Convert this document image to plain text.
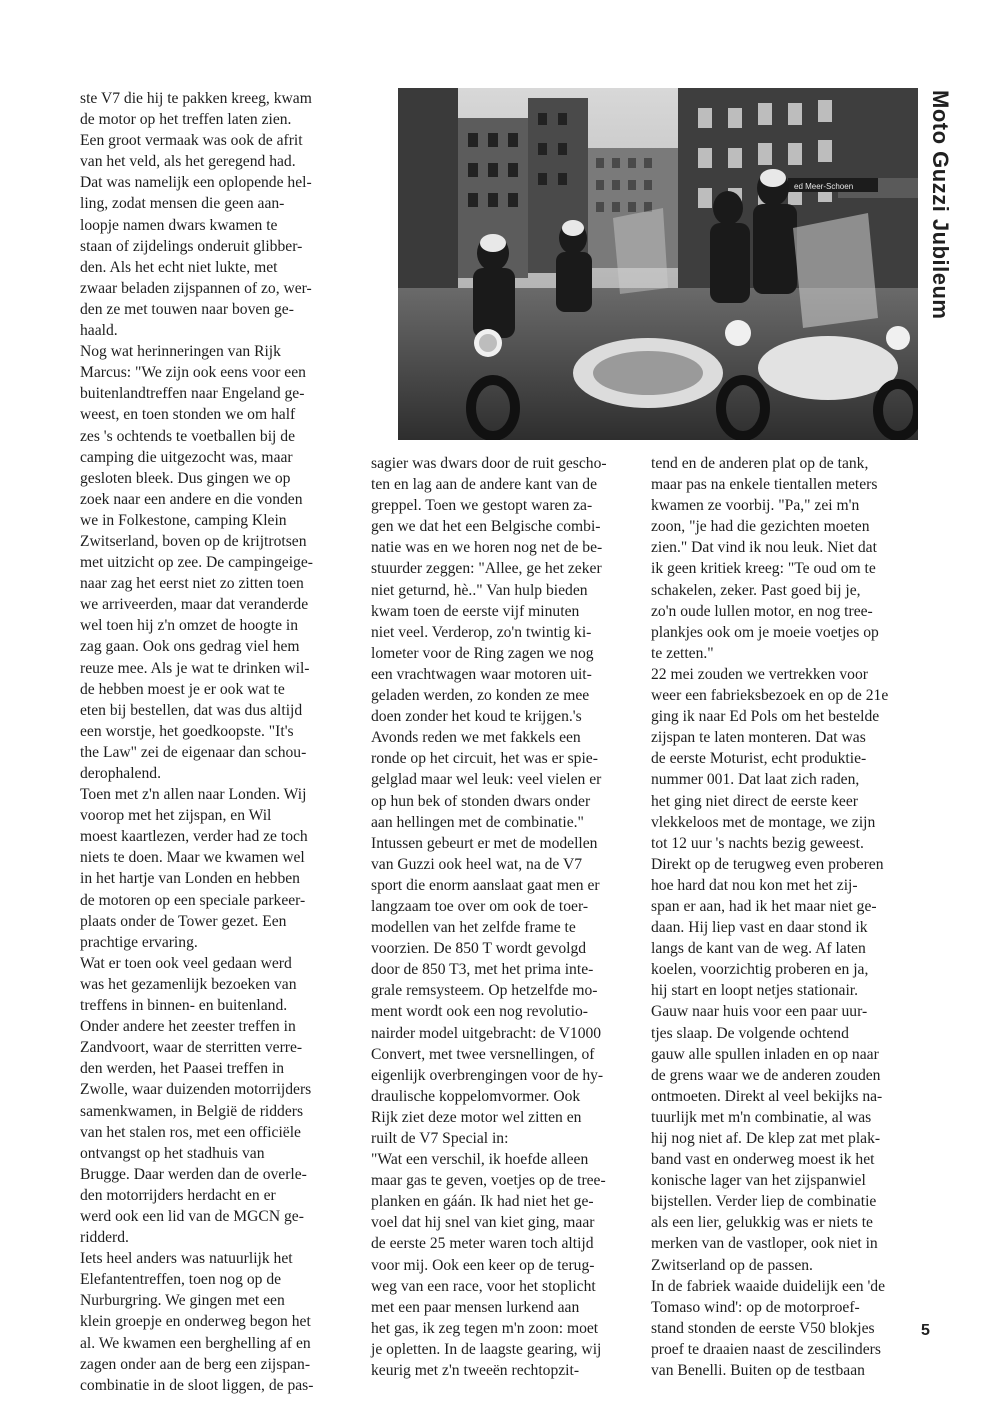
ste V7 die hij te pakken kreeg, kwam
de motor op het treffen laten zien.
Een groot vermaak was ook de afrit
van het veld, als het geregend had.
Dat was namelijk een oplopende hel-
ling, zodat mensen die geen aan-
loopje namen dwars kwamen te
staan of zijdelings onderuit glibber-
den. Als het echt niet lukte, met
zwaar beladen zijspannen of zo, wer-
den ze met touwen naar boven ge-
haald.
Nog wat herinneringen van Rijk
Marcus: "We zijn ook eens voor een
buitenlandtreffen naar Engeland ge-
weest, en toen stonden we om half
zes 's ochtends te voetballen bij de
camping die uitgezocht was, maar
gesloten bleek. Dus gingen we op
zoek naar een andere en die vonden
we in Folkestone, camping Klein
Zwitserland, boven op de krijtrotsen
met uitzicht op zee. De campingeige-
naar zag het eerst niet zo zitten toen
we arriveerden, maar dat veranderde
wel toen hij z'n omzet de hoogte in
zag gaan. Ook ons gedrag viel hem
reuze mee. Als je wat te drinken wil-
de hebben moest je er ook wat te
eten bij bestellen, dat was dus altijd
een worstje, het goedkoopste. "It's
the Law" zei de eigenaar dan schou-
derophalend.
Toen met z'n allen naar Londen. Wij
voorop met het zijspan, en Wil
moest kaartlezen, verder had ze toch
niets te doen. Maar we kwamen wel
in het hartje van Londen en hebben
de motoren op een speciale parkeer-
plaats onder de Tower gezet. Een
prachtige ervaring.
Wat er toen ook veel gedaan werd
was het gezamenlijk bezoeken van
treffens in binnen- en buitenland.
Onder andere het zeester treffen in
Zandvoort, waar de sterritten verre-
den werden, het Paasei treffen in
Zwolle, waar duizenden motorrijders
samenkwamen, in België de ridders
van het stalen ros, met een officiële
ontvangst op het stadhuis van
Brugge. Daar werden dan de overle-
den motorrijders herdacht en er
werd ook een lid van de MGCN ge-
ridderd.
Iets heel anders was natuurlijk het
Elefantentreffen, toen nog op de
Nurburgring. We gingen met een
klein groepje en onderweg begon het
al. We kwamen een berghelling af en
zagen onder aan de berg een zijspan-
combinatie in de sloot liggen, de pas-
ed Meer-Schoen	Moto Guzzi Jubileum
sagier was dwars door de ruit gescho-
ten en lag aan de andere kant van de
greppel. Toen we gestopt waren za-
gen we dat het een Belgische combi-
natie was en we horen nog net de be-
stuurder zeggen: "Allee, ge het zeker
niet geturnd, hè.." Van hulp bieden
kwam toen de eerste vijf minuten
niet veel. Verderop, zo'n twintig ki-
lometer voor de Ring zagen we nog
een vrachtwagen waar motoren uit-
geladen werden, zo konden ze mee
doen zonder het koud te krijgen.'s
Avonds reden we met fakkels een
ronde op het circuit, het was er spie-
gelglad maar wel leuk: veel vielen er
op hun bek of stonden dwars onder
aan hellingen met de combinatie."
Intussen gebeurt er met de modellen
van Guzzi ook heel wat, na de V7
sport die enorm aanslaat gaat men er
langzaam toe over om ook de toer-
modellen van het zelfde frame te
voorzien. De 850 T wordt gevolgd
door de 850 T3, met het prima inte-
grale remsysteem. Op hetzelfde mo-
ment wordt ook een nog revolutio-
nairder model uitgebracht: de V1000
Convert, met twee versnellingen, of
eigenlijk overbrengingen voor de hy-
draulische koppelomvormer. Ook
Rijk ziet deze motor wel zitten en
ruilt de V7 Special in:
"Wat een verschil, ik hoefde alleen
maar gas te geven, voetjes op de tree-
planken en gáán. Ik had niet het ge-
voel dat hij snel van kiet ging, maar
de eerste 25 meter waren toch altijd
voor mij. Ook een keer op de terug-
weg van een race, voor het stoplicht
met een paar mensen lurkend aan
het gas, ik zeg tegen m'n zoon: moet
je opletten. In de laagste gearing, wij
keurig met z'n tweeën rechtopzit-
tend en de anderen plat op de tank,
maar pas na enkele tientallen meters
kwamen ze voorbij. "Pa," zei m'n
zoon, "je had die gezichten moeten
zien." Dat vind ik nou leuk. Niet dat
ik geen kritiek kreeg: "Te oud om te
schakelen, zeker. Past goed bij je,
zo'n oude lullen motor, en nog tree-
plankjes ook om je moeie voetjes op
te zetten."
22 mei zouden we vertrekken voor
weer een fabrieksbezoek en op de 21e
ging ik naar Ed Pols om het bestelde
zijspan te laten monteren. Dat was
de eerste Moturist, echt produktie-
nummer 001. Dat laat zich raden,
het ging niet direct de eerste keer
vlekkeloos met de montage, we zijn
tot 12 uur 's nachts bezig geweest.
Direkt op de terugweg even proberen
hoe hard dat nou kon met het zij-
span er aan, had ik het maar niet ge-
daan. Hij liep vast en daar stond ik
langs de kant van de weg. Af laten
koelen, voorzichtig proberen en ja,
hij start en loopt netjes stationair.
Gauw naar huis voor een paar uur-
tjes slaap. De volgende ochtend
gauw alle spullen inladen en op naar
de grens waar we de anderen zouden
ontmoeten. Direkt al veel bekijks na-
tuurlijk met m'n combinatie, al was
hij nog niet af. De klep zat met plak-
band vast en onderweg moest ik het
konische lager van het zijspanwiel
bijstellen. Verder liep de combinatie
als een lier, gelukkig was er niets te
merken van de vastloper, ook niet in
Zwitserland op de passen.
In de fabriek waaide duidelijk een 'de
Tomaso wind': op de motorproef-
stand stonden de eerste V50 blokjes
proef te draaien naast de zescilinders
van Benelli. Buiten op de testbaan
5
